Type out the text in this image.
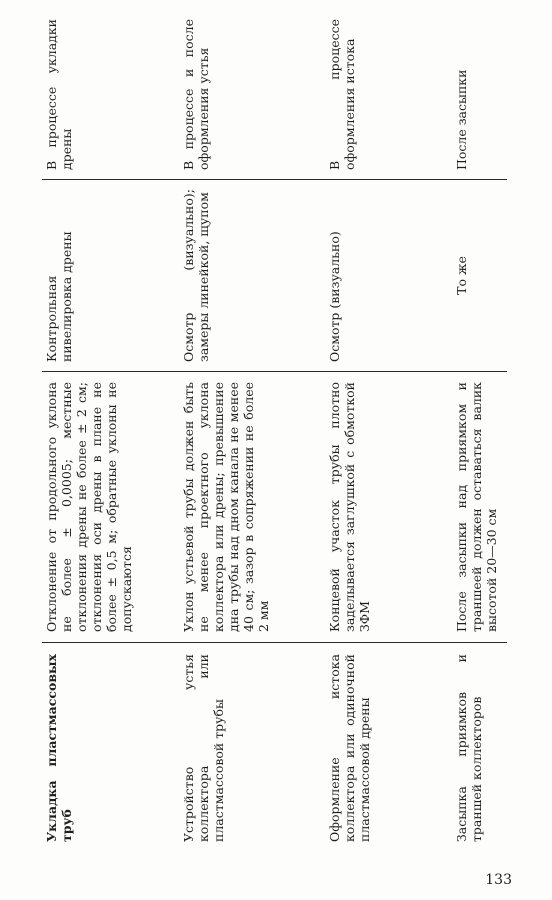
Укладка пластмассовых труб
Отклонение от продольного уклона не более ± 0,0005; местные отклонения дрены не более ± 2 см; отклонения оси дрены в плане не более ± 0,5 м; обратные уклоны не допускаются
Контрольная нивелировка дрены
В процессе укладки дрены
Устройство устья коллектора или пластмассовой трубы
Уклон устьевой трубы должен быть не менее проектного уклона коллектора или дрены; превышение дна трубы над дном канала не менее 40 см; зазор в сопряжении не более 2 мм
Осмотр (визуально); замеры линейкой, щупом
В процессе и после оформления устья
Оформление истока коллектора или одиночной пластмассовой дрены
Концевой участок трубы плотно заделывается заглушкой с обмоткой ЗФМ
Осмотр (визуально)
В процессе оформления истока
Засыпка приямков и траншей коллекторов
После засыпки над приямком и траншеей должен оставаться валик высотой 20—30 см
То же
После засыпки
133
